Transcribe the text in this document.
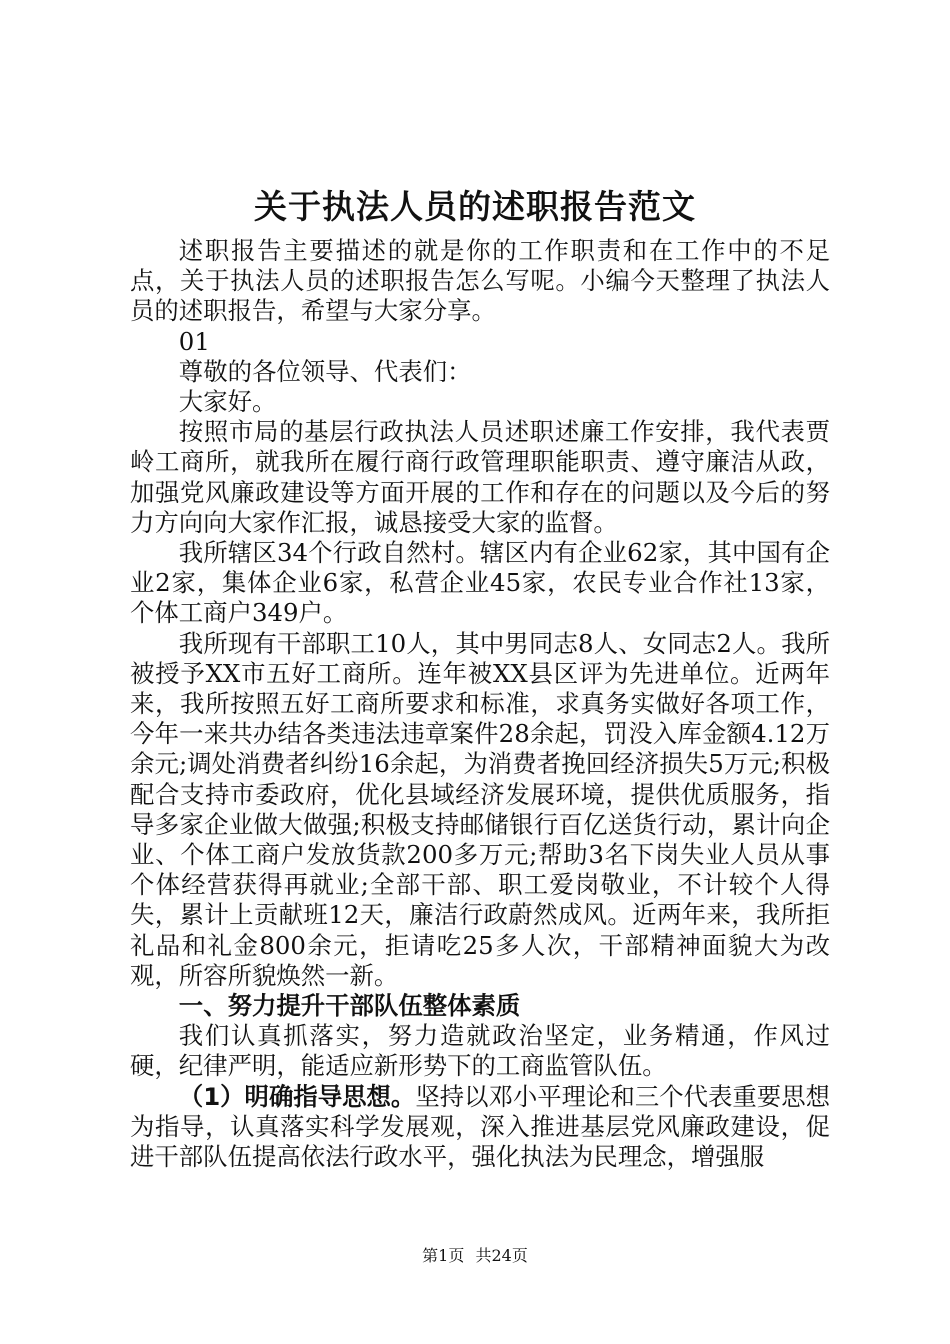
关于执法人员的述职报告范文

述职报告主要描述的就是你的工作职责和在工作中的不足点，关于执法人员的述职报告怎么写呢。小编今天整理了执法人员的述职报告，希望与大家分享。

01

尊敬的各位领导、代表们：

大家好。

按照市局的基层行政执法人员述职述廉工作安排，我代表贾岭工商所，就我所在履行商行政管理职能职责、遵守廉洁从政，加强党风廉政建设等方面开展的工作和存在的问题以及今后的努力方向向大家作汇报，诚恳接受大家的监督。

我所辖区34个行政自然村。辖区内有企业62家，其中国有企业2家，集体企业6家，私营企业45家，农民专业合作社13家，个体工商户349户。

我所现有干部职工10人，其中男同志8人、女同志2人。我所被授予XX市五好工商所。连年被XX县区评为先进单位。近两年来，我所按照五好工商所要求和标准，求真务实做好各项工作，今年一来共办结各类违法违章案件28余起，罚没入库金额4.12万余元;调处消费者纠纷16余起，为消费者挽回经济损失5万元;积极配合支持市委政府，优化县域经济发展环境，提供优质服务，指导多家企业做大做强;积极支持邮储银行百亿送货行动，累计向企业、个体工商户发放货款200多万元;帮助3名下岗失业人员从事个体经营获得再就业;全部干部、职工爱岗敬业，不计较个人得失，累计上贡献班12天，廉洁行政蔚然成风。近两年来，我所拒礼品和礼金800余元，拒请吃25多人次，干部精神面貌大为改观，所容所貌焕然一新。

一、努力提升干部队伍整体素质

我们认真抓落实，努力造就政治坚定，业务精通，作风过硬，纪律严明，能适应新形势下的工商监管队伍。

（1）明确指导思想。坚持以邓小平理论和三个代表重要思想为指导，认真落实科学发展观，深入推进基层党风廉政建设，促进干部队伍提高依法行政水平，强化执法为民理念，增强服

第1页 共24页
